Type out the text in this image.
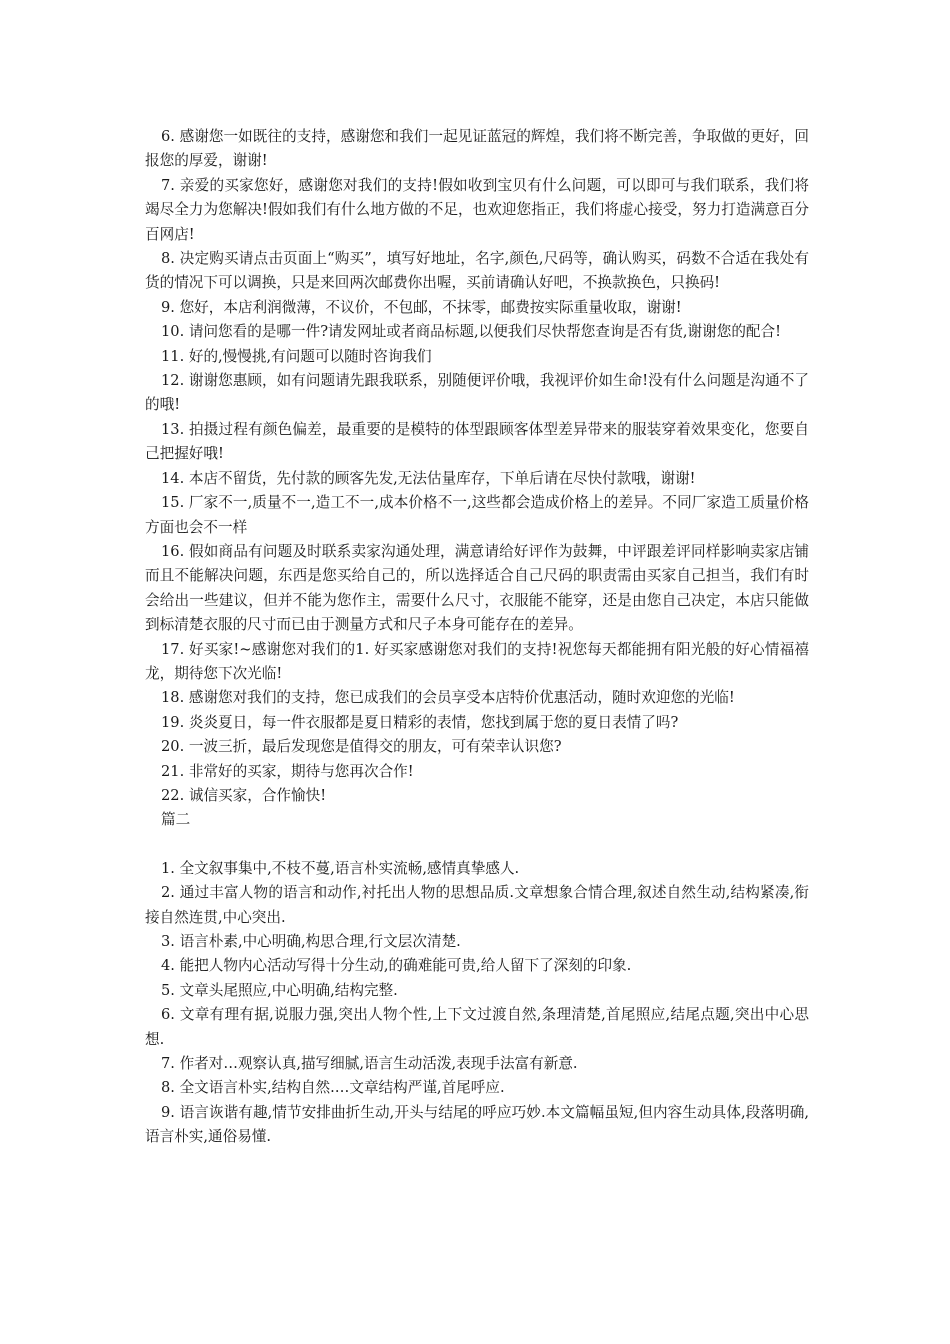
6. 感谢您一如既往的支持，感谢您和我们一起见证蓝冠的辉煌，我们将不断完善，争取做的更好，回报您的厚爱，谢谢!

7. 亲爱的买家您好，感谢您对我们的支持!假如收到宝贝有什么问题，可以即可与我们联系，我们将竭尽全力为您解决!假如我们有什么地方做的不足，也欢迎您指正，我们将虚心接受，努力打造满意百分百网店!

8. 决定购买请点击页面上“购买”，填写好地址，名字,颜色,尺码等，确认购买，码数不合适在我处有货的情况下可以调换，只是来回两次邮费你出喔，买前请确认好吧，不换款换色，只换码!

9. 您好，本店利润微薄，不议价，不包邮，不抹零，邮费按实际重量收取，谢谢!

10. 请问您看的是哪一件?请发网址或者商品标题,以便我们尽快帮您查询是否有货,谢谢您的配合!

11. 好的,慢慢挑,有问题可以随时咨询我们

12. 谢谢您惠顾，如有问题请先跟我联系，别随便评价哦，我视评价如生命!没有什么问题是沟通不了的哦!

13. 拍摄过程有颜色偏差，最重要的是模特的体型跟顾客体型差异带来的服装穿着效果变化，您要自己把握好哦!

14. 本店不留货，先付款的顾客先发,无法估量库存，下单后请在尽快付款哦，谢谢!

15. 厂家不一,质量不一,造工不一,成本价格不一,这些都会造成价格上的差异。不同厂家造工质量价格方面也会不一样

16. 假如商品有问题及时联系卖家沟通处理，满意请给好评作为鼓舞，中评跟差评同样影响卖家店铺而且不能解决问题，东西是您买给自己的，所以选择适合自己尺码的职责需由买家自己担当，我们有时会给出一些建议，但并不能为您作主，需要什么尺寸，衣服能不能穿，还是由您自己决定，本店只能做到标清楚衣服的尺寸而已由于测量方式和尺子本身可能存在的差异。

17. 好买家!~感谢您对我们的1. 好买家感谢您对我们的支持!祝您每天都能拥有阳光般的好心情福禧龙，期待您下次光临!

18. 感谢您对我们的支持，您已成我们的会员享受本店特价优惠活动，随时欢迎您的光临!

19. 炎炎夏日，每一件衣服都是夏日精彩的表情，您找到属于您的夏日表情了吗?

20. 一波三折，最后发现您是值得交的朋友，可有荣幸认识您?

21. 非常好的买家，期待与您再次合作!

22. 诚信买家，合作愉快!

篇二

1. 全文叙事集中,不枝不蔓,语言朴实流畅,感情真挚感人.

2. 通过丰富人物的语言和动作,衬托出人物的思想品质.文章想象合情合理,叙述自然生动,结构紧凑,衔接自然连贯,中心突出.

3. 语言朴素,中心明确,构思合理,行文层次清楚.

4. 能把人物内心活动写得十分生动,的确难能可贵,给人留下了深刻的印象.

5. 文章头尾照应,中心明确,结构完整.

6. 文章有理有据,说服力强,突出人物个性,上下文过渡自然,条理清楚,首尾照应,结尾点题,突出中心思想.

7. 作者对…观察认真,描写细腻,语言生动活泼,表现手法富有新意.

8. 全文语言朴实,结构自然.…文章结构严谨,首尾呼应.

9. 语言诙谐有趣,情节安排曲折生动,开头与结尾的呼应巧妙.本文篇幅虽短,但内容生动具体,段落明确,语言朴实,通俗易懂.
